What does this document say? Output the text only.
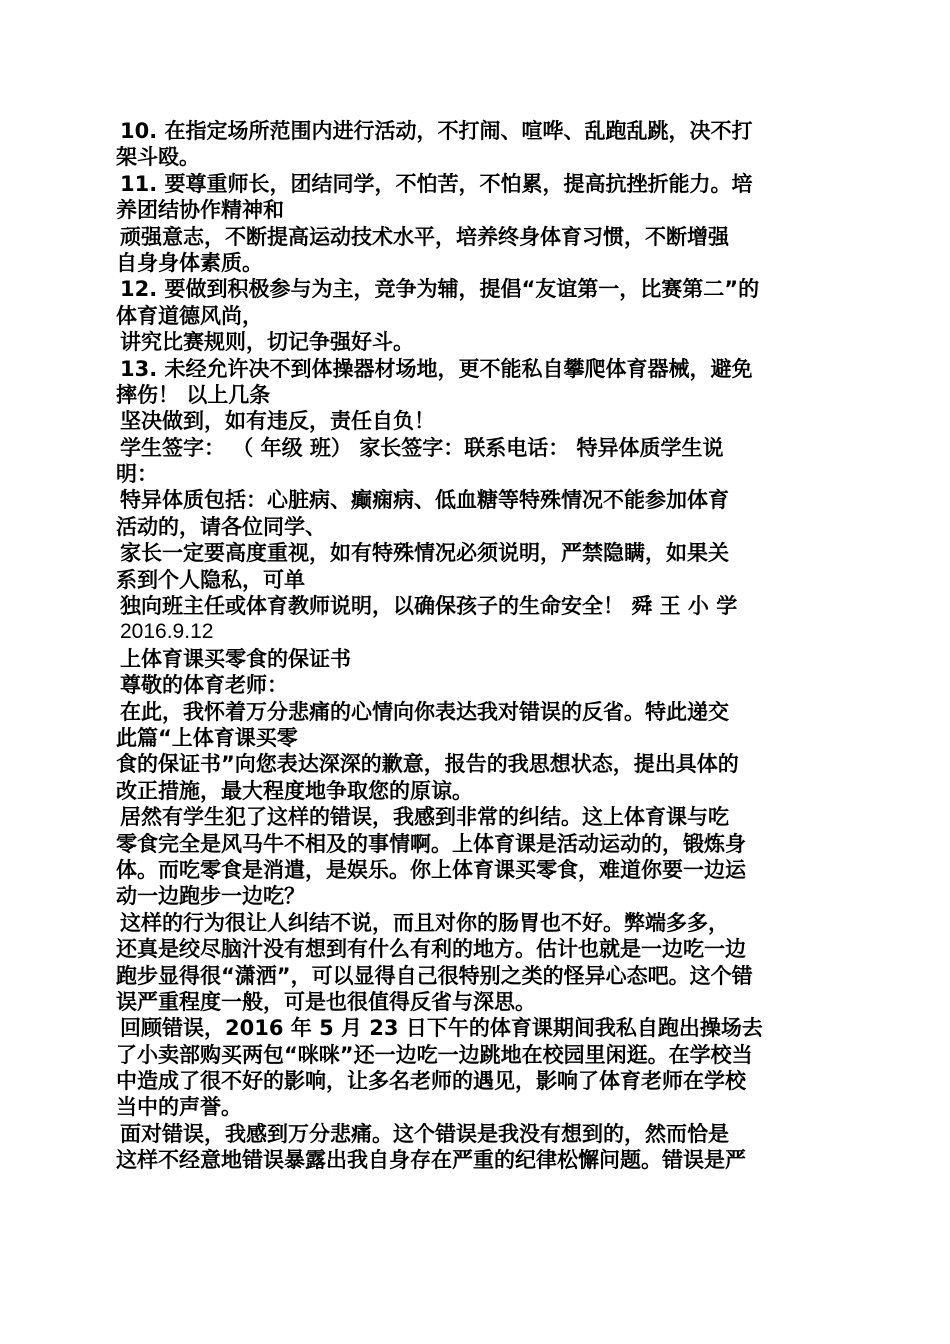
10. 在指定场所范围内进行活动，不打闹、喧哗、乱跑乱跳，决不打
架斗殴。
11. 要尊重师长，团结同学，不怕苦，不怕累，提高抗挫折能力。培
养团结协作精神和
顽强意志，不断提高运动技术水平，培养终身体育习惯，不断增强
自身身体素质。
12. 要做到积极参与为主，竞争为辅，提倡“友谊第一，比赛第二”的
体育道德风尚，
讲究比赛规则，切记争强好斗。
13. 未经允许决不到体操器材场地，更不能私自攀爬体育器械，避免
摔伤！ 以上几条
坚决做到，如有违反，责任自负！
学生签字： （ 年级 班） 家长签字：联系电话： 特异体质学生说
明：
特异体质包括：心脏病、癫痫病、低血糖等特殊情况不能参加体育
活动的，请各位同学、
家长一定要高度重视，如有特殊情况必须说明，严禁隐瞒，如果关
系到个人隐私，可单
独向班主任或体育教师说明，以确保孩子的生命安全！ 舜 王 小 学
2016.9.12
上体育课买零食的保证书
尊敬的体育老师：
在此，我怀着万分悲痛的心情向你表达我对错误的反省。特此递交
此篇“上体育课买零
食的保证书”向您表达深深的歉意，报告的我思想状态，提出具体的
改正措施，最大程度地争取您的原谅。
居然有学生犯了这样的错误，我感到非常的纠结。这上体育课与吃
零食完全是风马牛不相及的事情啊。上体育课是活动运动的，锻炼身
体。而吃零食是消遣，是娱乐。你上体育课买零食，难道你要一边运
动一边跑步一边吃？
这样的行为很让人纠结不说，而且对你的肠胃也不好。弊端多多，
还真是绞尽脑汁没有想到有什么有利的地方。估计也就是一边吃一边
跑步显得很“潇洒”，可以显得自己很特别之类的怪异心态吧。这个错
误严重程度一般，可是也很值得反省与深思。
回顾错误，2016 年 5 月 23 日下午的体育课期间我私自跑出操场去
了小卖部购买两包“咪咪”还一边吃一边跳地在校园里闲逛。在学校当
中造成了很不好的影响，让多名老师的遇见，影响了体育老师在学校
当中的声誉。
面对错误，我感到万分悲痛。这个错误是我没有想到的，然而恰是
这样不经意地错误暴露出我自身存在严重的纪律松懈问题。错误是严
